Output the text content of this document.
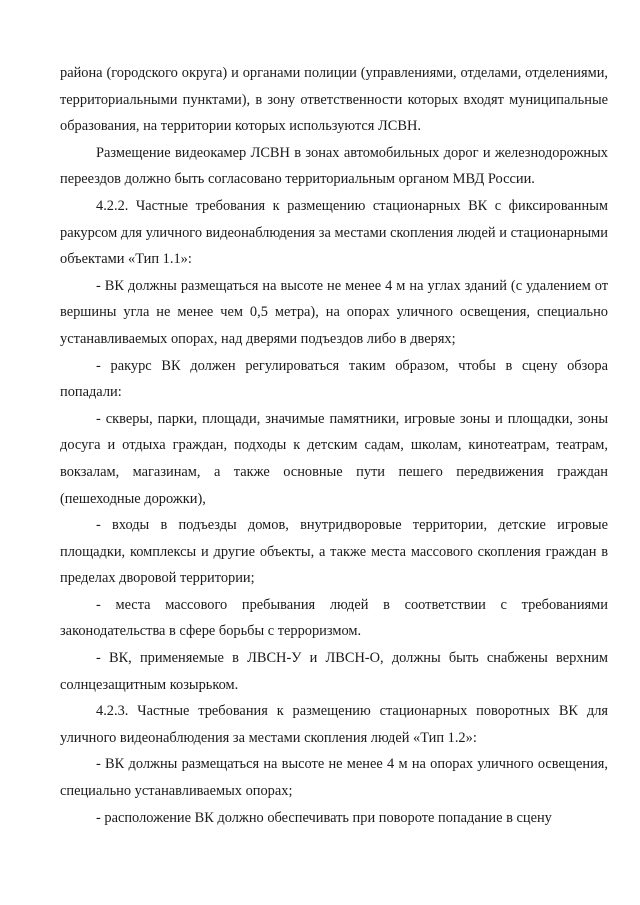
района (городского округа) и органами полиции (управлениями, отделами, отделениями, территориальными пунктами), в зону ответственности которых входят муниципальные образования, на территории которых используются ЛСВН.

Размещение видеокамер ЛСВН в зонах автомобильных дорог и железнодорожных переездов должно быть согласовано территориальным органом МВД России.

4.2.2. Частные требования к размещению стационарных ВК с фиксированным ракурсом для уличного видеонаблюдения за местами скопления людей и стационарными объектами «Тип 1.1»:

- ВК должны размещаться на высоте не менее 4 м на углах зданий (с удалением от вершины угла не менее чем 0,5 метра), на опорах уличного освещения, специально устанавливаемых опорах, над дверями подъездов либо в дверях;

- ракурс ВК должен регулироваться таким образом, чтобы в сцену обзора попадали:

- скверы, парки, площади, значимые памятники, игровые зоны и площадки, зоны досуга и отдыха граждан, подходы к детским садам, школам, кинотеатрам, театрам, вокзалам, магазинам, а также основные пути пешего передвижения граждан (пешеходные дорожки),

- входы в подъезды домов, внутридворовые территории, детские игровые площадки, комплексы и другие объекты, а также места массового скопления граждан в пределах дворовой территории;

- места массового пребывания людей в соответствии с требованиями законодательства в сфере борьбы с терроризмом.

- ВК, применяемые в ЛВСН-У и ЛВСН-О, должны быть снабжены верхним солнцезащитным козырьком.

4.2.3. Частные требования к размещению стационарных поворотных ВК для уличного видеонаблюдения за местами скопления людей «Тип 1.2»:

- ВК должны размещаться на высоте не менее 4 м на опорах уличного освещения, специально устанавливаемых опорах;

- расположение ВК должно обеспечивать при повороте попадание в сцену
